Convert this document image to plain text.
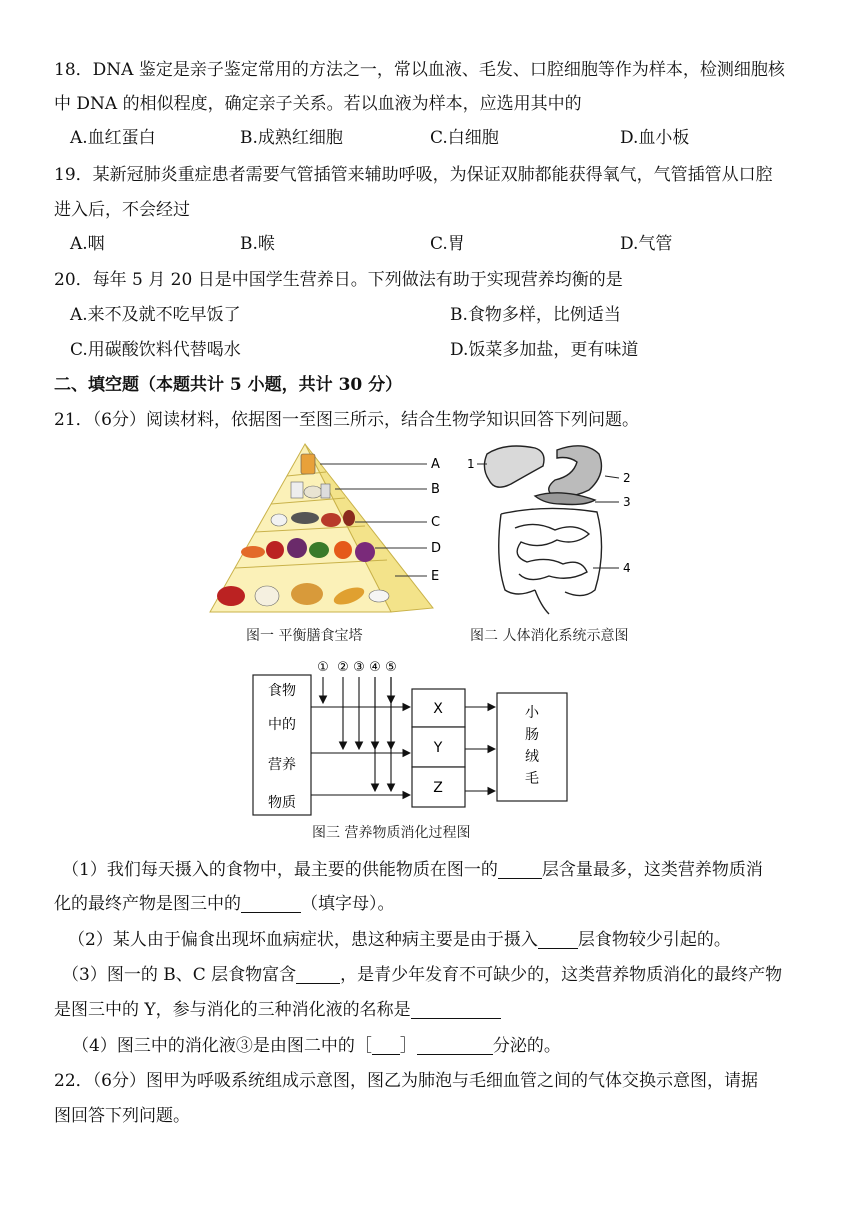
18．DNA 鉴定是亲子鉴定常用的方法之一，常以血液、毛发、口腔细胞等作为样本，检测细胞核
中 DNA 的相似程度，确定亲子关系。若以血液为样本，应选用其中的
A.血红蛋白	B.成熟红细胞	C.白细胞	D.血小板
19．某新冠肺炎重症患者需要气管插管来辅助呼吸，为保证双肺都能获得氧气，气管插管从口腔
进入后，不会经过
A.咽	B.喉	C.胃	D.气管
20．每年 5 月 20 日是中国学生营养日。下列做法有助于实现营养均衡的是
A.来不及就不吃早饭了	B.食物多样，比例适当
C.用碳酸饮料代替喝水	D.饭菜多加盐，更有味道
二、填空题（本题共计 5 小题，共计 30 分）
21．（6分）阅读材料，依据图一至图三所示，结合生物学知识回答下列问题。
A
B
C
D
E
图一 平衡膳食宝塔
1
2
3
4
图二 人体消化系统示意图
食物
中的
营养
物质
① ② ③ ④ ⑤
X
Y
Z
小
肠
绒
毛
图三 营养物质消化过程图
（1）我们每天摄入的食物中，最主要的供能物质在图一的	层含量最多，这类营养物质消
化的最终产物是图三中的	（填字母）。
（2）某人由于偏食出现坏血病症状，患这种病主要是由于摄入 层食物较少引起的。
（3）图一的 B、C 层食物富含	，是青少年发育不可缺少的，这类营养物质消化的最终产物
是图三中的 Y，参与消化的三种消化液的名称是
（4）图三中的消化液③是由图二中的［ ］	分泌的。
22．（6分）图甲为呼吸系统组成示意图，图乙为肺泡与毛细血管之间的气体交换示意图，请据
图回答下列问题。
